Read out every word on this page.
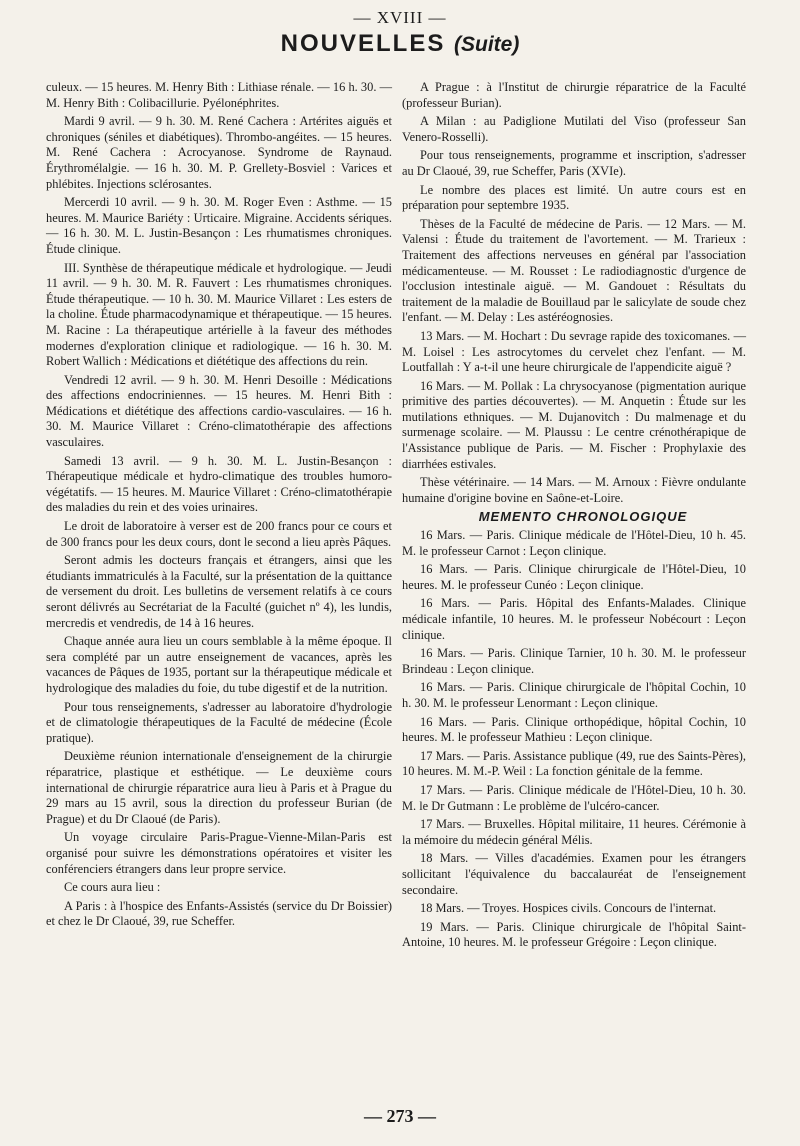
— XVIII —
NOUVELLES (Suite)

culeux. — 15 heures. M. Henry Bith : Lithiase rénale. — 16 h. 30. — M. Henry Bith : Colibacillurie. Pyélonéphrites.

Mardi 9 avril. — 9 h. 30. M. René Cachera : Artérites aiguës et chroniques (séniles et diabétiques). Thrombo-angéites. — 15 heures. M. René Cachera : Acrocyanose. Syndrome de Raynaud. Érythromélalgie. — 16 h. 30. M. P. Grellety-Bosviel : Varices et phlébites. Injections sclérosantes.

Mercerdi 10 avril. — 9 h. 30. M. Roger Even : Asthme. — 15 heures. M. Maurice Bariéty : Urticaire. Migraine. Accidents sériques. — 16 h. 30. M. L. Justin-Besançon : Les rhumatismes chroniques. Étude clinique.

III. Synthèse de thérapeutique médicale et hydrologique. — Jeudi 11 avril. — 9 h. 30. M. R. Fauvert : Les rhumatismes chroniques. Étude thérapeutique. — 10 h. 30. M. Maurice Villaret : Les esters de la choline. Étude pharmacodynamique et thérapeutique. — 15 heures. M. Racine : La thérapeutique artérielle à la faveur des méthodes modernes d'exploration clinique et radiologique. — 16 h. 30. M. Robert Wallich : Médications et diététique des affections du rein.

Vendredi 12 avril. — 9 h. 30. M. Henri Desoille : Médications des affections endocriniennes. — 15 heures. M. Henri Bith : Médications et diététique des affections cardio-vasculaires. — 16 h. 30. M. Maurice Villaret : Créno-climatothérapie des affections vasculaires.

Samedi 13 avril. — 9 h. 30. M. L. Justin-Besançon : Thérapeutique médicale et hydro-climatique des troubles humoro-végétatifs. — 15 heures. M. Maurice Villaret : Créno-climatothérapie des maladies du rein et des voies urinaires.

Le droit de laboratoire à verser est de 200 francs pour ce cours et de 300 francs pour les deux cours, dont le second a lieu après Pâques.

Seront admis les docteurs français et étrangers, ainsi que les étudiants immatriculés à la Faculté, sur la présentation de la quittance de versement du droit. Les bulletins de versement relatifs à ce cours seront délivrés au Secrétariat de la Faculté (guichet nº 4), les lundis, mercredis et vendredis, de 14 à 16 heures.

Chaque année aura lieu un cours semblable à la même époque. Il sera complété par un autre enseignement de vacances, après les vacances de Pâques de 1935, portant sur la thérapeutique médicale et hydrologique des maladies du foie, du tube digestif et de la nutrition.

Pour tous renseignements, s'adresser au laboratoire d'hydrologie et de climatologie thérapeutiques de la Faculté de médecine (École pratique).

Deuxième réunion internationale d'enseignement de la chirurgie réparatrice, plastique et esthétique. — Le deuxième cours international de chirurgie réparatrice aura lieu à Paris et à Prague du 29 mars au 15 avril, sous la direction du professeur Burian (de Prague) et du Dr Claoué (de Paris).

Un voyage circulaire Paris-Prague-Vienne-Milan-Paris est organisé pour suivre les démonstrations opératoires et visiter les conférenciers étrangers dans leur propre service.

Ce cours aura lieu :

A Paris : à l'hospice des Enfants-Assistés (service du Dr Boissier) et chez le Dr Claoué, 39, rue Scheffer.

A Prague : à l'Institut de chirurgie réparatrice de la Faculté (professeur Burian).

A Milan : au Padiglione Mutilati del Viso (professeur San Venero-Rosselli).

Pour tous renseignements, programme et inscription, s'adresser au Dr Claoué, 39, rue Scheffer, Paris (XVIe).

Le nombre des places est limité. Un autre cours est en préparation pour septembre 1935.

Thèses de la Faculté de médecine de Paris. — 12 Mars. — M. Valensi : Étude du traitement de l'avortement. — M. Trarieux : Traitement des affections nerveuses en général par l'association médicamenteuse. — M. Rousset : Le radiodiagnostic d'urgence de l'occlusion intestinale aiguë. — M. Gandouet : Résultats du traitement de la maladie de Bouillaud par le salicylate de soude chez l'enfant. — M. Delay : Les astéréognosies.

13 Mars. — M. Hochart : Du sevrage rapide des toxicomanes. — M. Loisel : Les astrocytomes du cervelet chez l'enfant. — M. Loutfallah : Y a-t-il une heure chirurgicale de l'appendicite aiguë ?

16 Mars. — M. Pollak : La chrysocyanose (pigmentation aurique primitive des parties découvertes). — M. Anquetin : Étude sur les mutilations ethniques. — M. Dujanovitch : Du malmenage et du surmenage scolaire. — M. Plaussu : Le centre crénothérapique de l'Assistance publique de Paris. — M. Fischer : Prophylaxie des diarrhées estivales.

Thèse vétérinaire. — 14 Mars. — M. Arnoux : Fièvre ondulante humaine d'origine bovine en Saône-et-Loire.

MEMENTO CHRONOLOGIQUE

16 Mars. — Paris. Clinique médicale de l'Hôtel-Dieu, 10 h. 45. M. le professeur Carnot : Leçon clinique.

16 Mars. — Paris. Clinique chirurgicale de l'Hôtel-Dieu, 10 heures. M. le professeur Cunéo : Leçon clinique.

16 Mars. — Paris. Hôpital des Enfants-Malades. Clinique médicale infantile, 10 heures. M. le professeur Nobécourt : Leçon clinique.

16 Mars. — Paris. Clinique Tarnier, 10 h. 30. M. le professeur Brindeau : Leçon clinique.

16 Mars. — Paris. Clinique chirurgicale de l'hôpital Cochin, 10 h. 30. M. le professeur Lenormant : Leçon clinique.

16 Mars. — Paris. Clinique orthopédique, hôpital Cochin, 10 heures. M. le professeur Mathieu : Leçon clinique.

17 Mars. — Paris. Assistance publique (49, rue des Saints-Pères), 10 heures. M. M.-P. Weil : La fonction génitale de la femme.

17 Mars. — Paris. Clinique médicale de l'Hôtel-Dieu, 10 h. 30. M. le Dr Gutmann : Le problème de l'ulcéro-cancer.

17 Mars. — Bruxelles. Hôpital militaire, 11 heures. Cérémonie à la mémoire du médecin général Mélis.

18 Mars. — Villes d'académies. Examen pour les étrangers sollicitant l'équivalence du baccalauréat de l'enseignement secondaire.

18 Mars. — Troyes. Hospices civils. Concours de l'internat.

19 Mars. — Paris. Clinique chirurgicale de l'hôpital Saint-Antoine, 10 heures. M. le professeur Grégoire : Leçon clinique.

— 273 —
